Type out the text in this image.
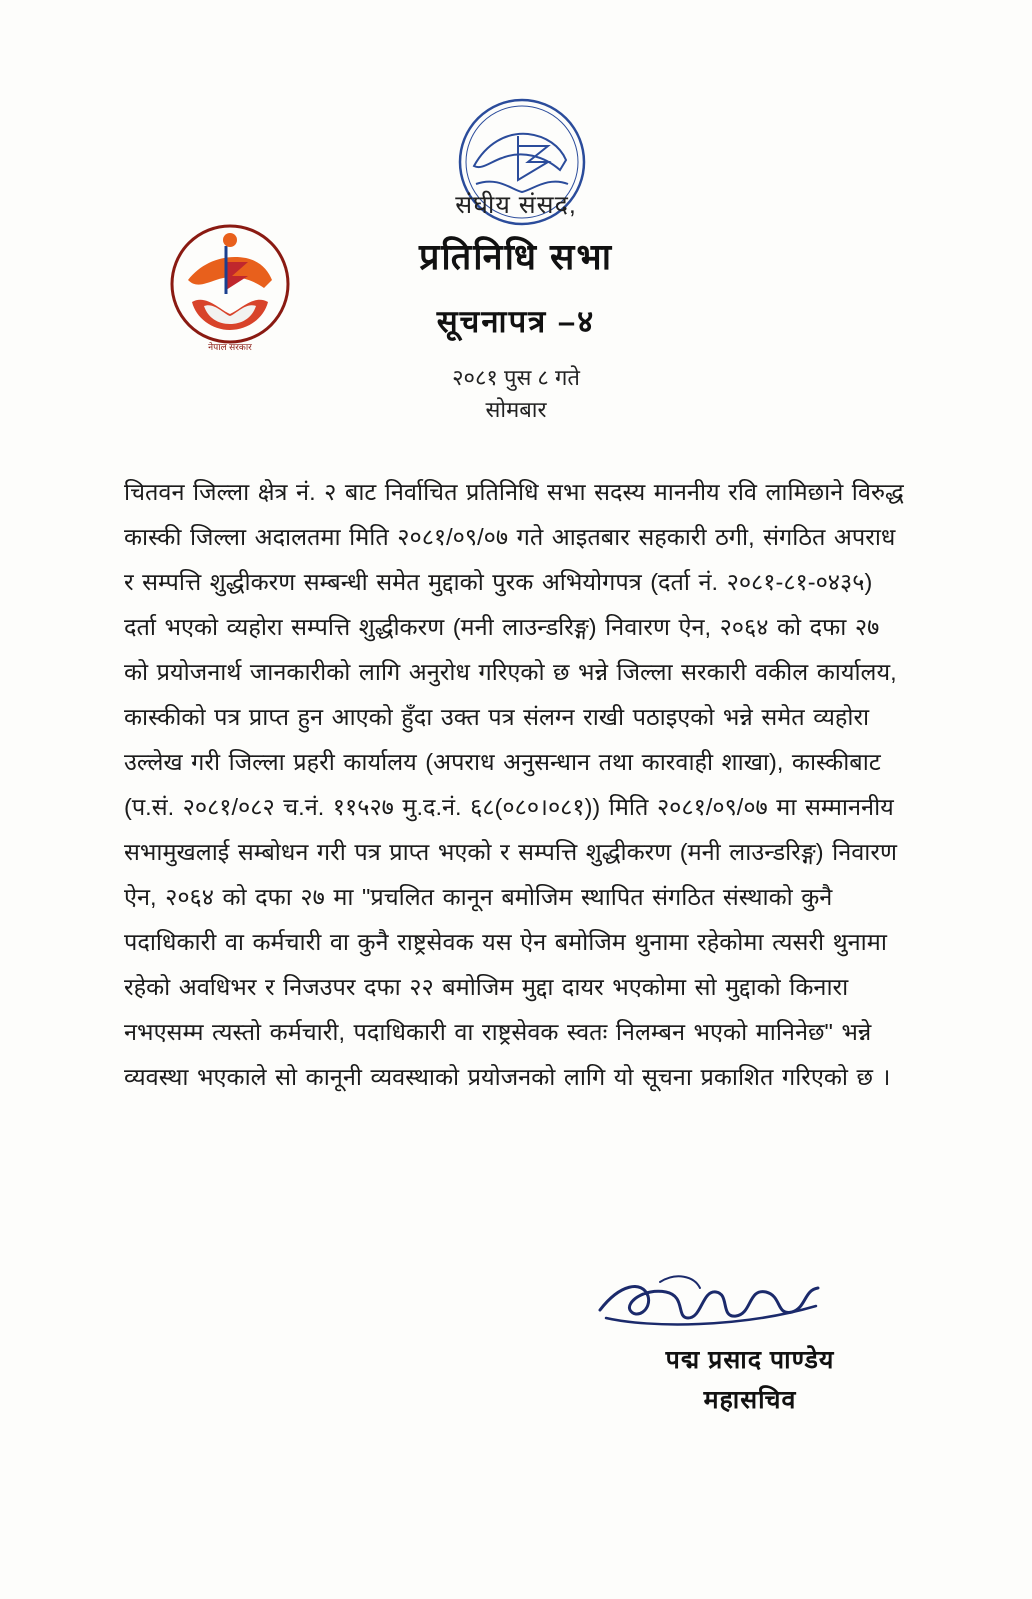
नेपाल सरकार
संघीय संसद,
प्रतिनिधि सभा
सूचनापत्र –४
२०८१ पुस ८ गते
सोमबार

चितवन जिल्ला क्षेत्र नं. २ बाट निर्वाचित प्रतिनिधि सभा सदस्य माननीय रवि लामिछाने विरुद्ध कास्की जिल्ला अदालतमा मिति २०८१/०९/०७ गते आइतबार सहकारी ठगी, संगठित अपराध र सम्पत्ति शुद्धीकरण सम्बन्धी समेत मुद्दाको पुरक अभियोगपत्र (दर्ता नं. २०८१-८१-०४३५) दर्ता भएको व्यहोरा सम्पत्ति शुद्धीकरण (मनी लाउन्डरिङ्ग) निवारण ऐन, २०६४ को दफा २७ को प्रयोजनार्थ जानकारीको लागि अनुरोध गरिएको छ भन्ने जिल्ला सरकारी वकील कार्यालय, कास्कीको पत्र प्राप्त हुन आएको हुँदा उक्त पत्र संलग्न राखी पठाइएको भन्ने समेत व्यहोरा उल्लेख गरी जिल्ला प्रहरी कार्यालय (अपराध अनुसन्धान तथा कारवाही शाखा), कास्कीबाट (प.सं. २०८१/०८२ च.नं. ११५२७ मु.द.नं. ६८(०८०।०८१)) मिति २०८१/०९/०७ मा सम्माननीय सभामुखलाई सम्बोधन गरी पत्र प्राप्त भएको र सम्पत्ति शुद्धीकरण (मनी लाउन्डरिङ्ग) निवारण ऐन, २०६४ को दफा २७ मा "प्रचलित कानून बमोजिम स्थापित संगठित संस्थाको कुनै पदाधिकारी वा कर्मचारी वा कुनै राष्ट्रसेवक यस ऐन बमोजिम थुनामा रहेकोमा त्यसरी थुनामा रहेको अवधिभर र निजउपर दफा २२ बमोजिम मुद्दा दायर भएकोमा सो मुद्दाको किनारा नभएसम्म त्यस्तो कर्मचारी, पदाधिकारी वा राष्ट्रसेवक स्वतः निलम्बन भएको मानिनेछ" भन्ने व्यवस्था भएकाले सो कानूनी व्यवस्थाको प्रयोजनको लागि यो सूचना प्रकाशित गरिएको छ ।

पद्म प्रसाद पाण्डेय
महासचिव
